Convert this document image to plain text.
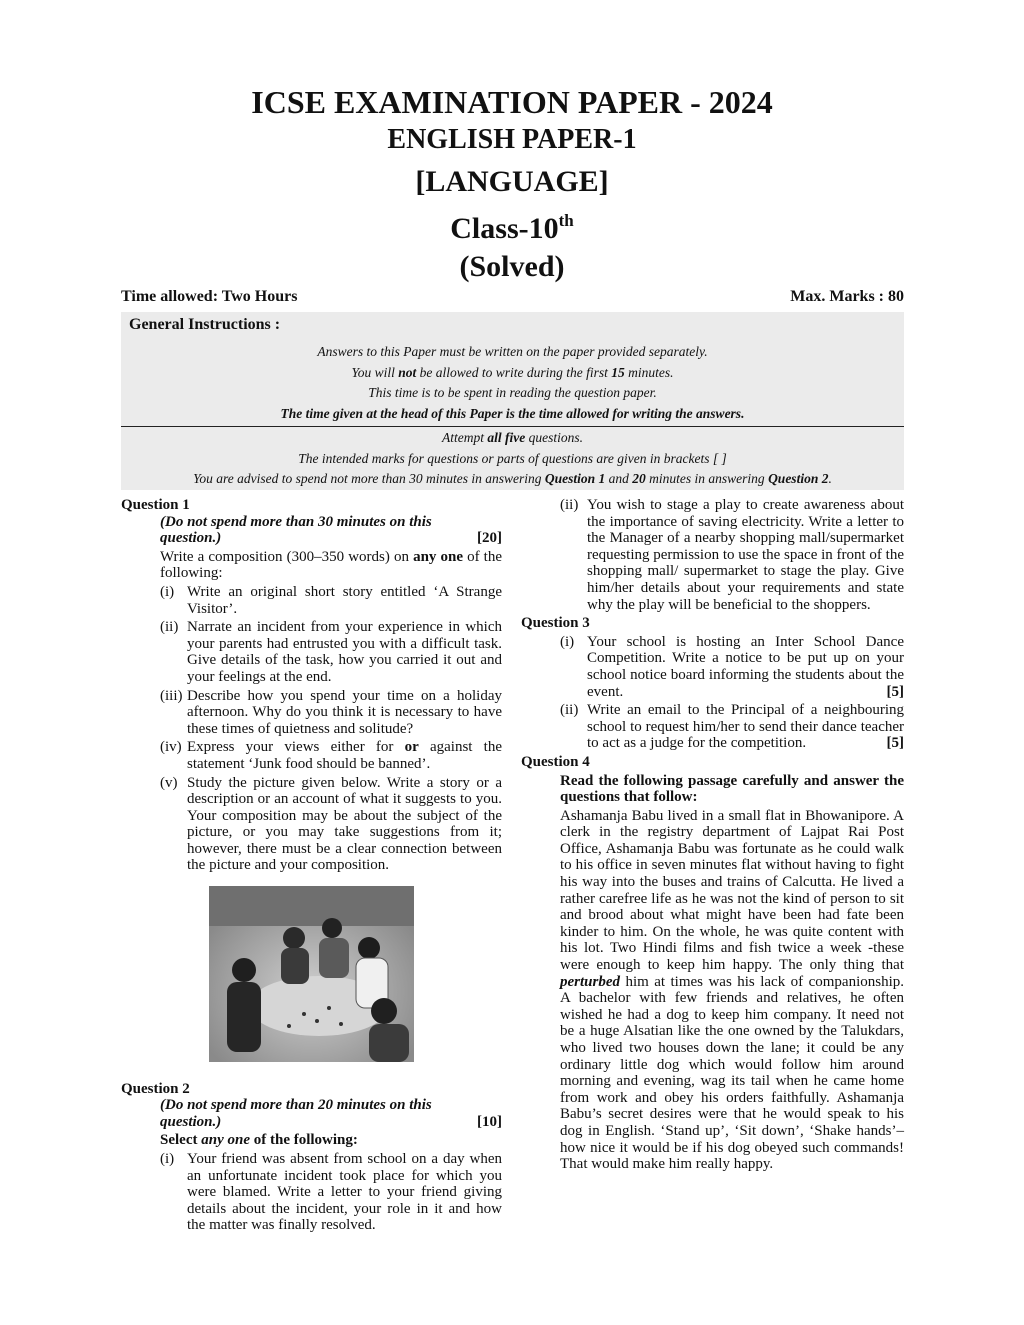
ICSE EXAMINATION PAPER - 2024
ENGLISH PAPER-1
[LANGUAGE]
Class-10th
(Solved)
Time allowed: Two Hours	Max. Marks : 80
General Instructions :
Answers to this Paper must be written on the paper provided separately.
You will not be allowed to write during the first 15 minutes.
This time is to be spent in reading the question paper.
The time given at the head of this Paper is the time allowed for writing the answers.
Attempt all five questions.
The intended marks for questions or parts of questions are given in brackets [ ]
You are advised to spend not more than 30 minutes in answering Question 1 and 20 minutes in answering Question 2.
Question 1
(Do not spend more than 30 minutes on this
question.)	[20]
Write a composition (300–350 words) on any one of the following:
(i) Write an original short story entitled ‘A Strange Visitor’.
(ii) Narrate an incident from your experience in which your parents had entrusted you with a difficult task. Give details of the task, how you carried it out and your feelings at the end.
(iii) Describe how you spend your time on a holiday afternoon. Why do you think it is necessary to have these times of quietness and solitude?
(iv) Express your views either for or against the statement ‘Junk food should be banned’.
(v) Study the picture given below. Write a story or a description or an account of what it suggests to you. Your composition may be about the subject of the picture, or you may take suggestions from it; however, there must be a clear connection between the picture and your composition.
Question 2
(Do not spend more than 20 minutes on this
question.)	[10]
Select any one of the following:
(i) Your friend was absent from school on a day when an unfortunate incident took place for which you were blamed. Write a letter to your friend giving details about the incident, your role in it and how the matter was finally resolved.
(ii) You wish to stage a play to create awareness about the importance of saving electricity. Write a letter to the Manager of a nearby shopping mall/supermarket requesting permission to use the space in front of the shopping mall/ supermarket to stage the play. Give him/her details about your requirements and state why the play will be beneficial to the shoppers.
Question 3
(i) Your school is hosting an Inter School Dance Competition. Write a notice to be put up on your school notice board informing the students about the event.	[5]
(ii) Write an email to the Principal of a neighbouring school to request him/her to send their dance teacher to act as a judge for the competition.	[5]
Question 4
Read the following passage carefully and answer the questions that follow:
Ashamanja Babu lived in a small flat in Bhowanipore. A clerk in the registry department of Lajpat Rai Post Office, Ashamanja Babu was fortunate as he could walk to his office in seven minutes flat without having to fight his way into the buses and trains of Calcutta. He lived a rather carefree life as he was not the kind of person to sit and brood about what might have been had fate been kinder to him. On the whole, he was quite content with his lot. Two Hindi films and fish twice a week -these were enough to keep him happy. The only thing that perturbed him at times was his lack of companionship. A bachelor with few friends and relatives, he often wished he had a dog to keep him company. It need not be a huge Alsatian like the one owned by the Talukdars, who lived two houses down the lane; it could be any ordinary little dog which would follow him around morning and evening, wag its tail when he came home from work and obey his orders faithfully. Ashamanja Babu’s secret desires were that he would speak to his dog in English. ‘Stand up’, ‘Sit down’, ‘Shake hands’–how nice it would be if his dog obeyed such commands! That would make him really happy.
